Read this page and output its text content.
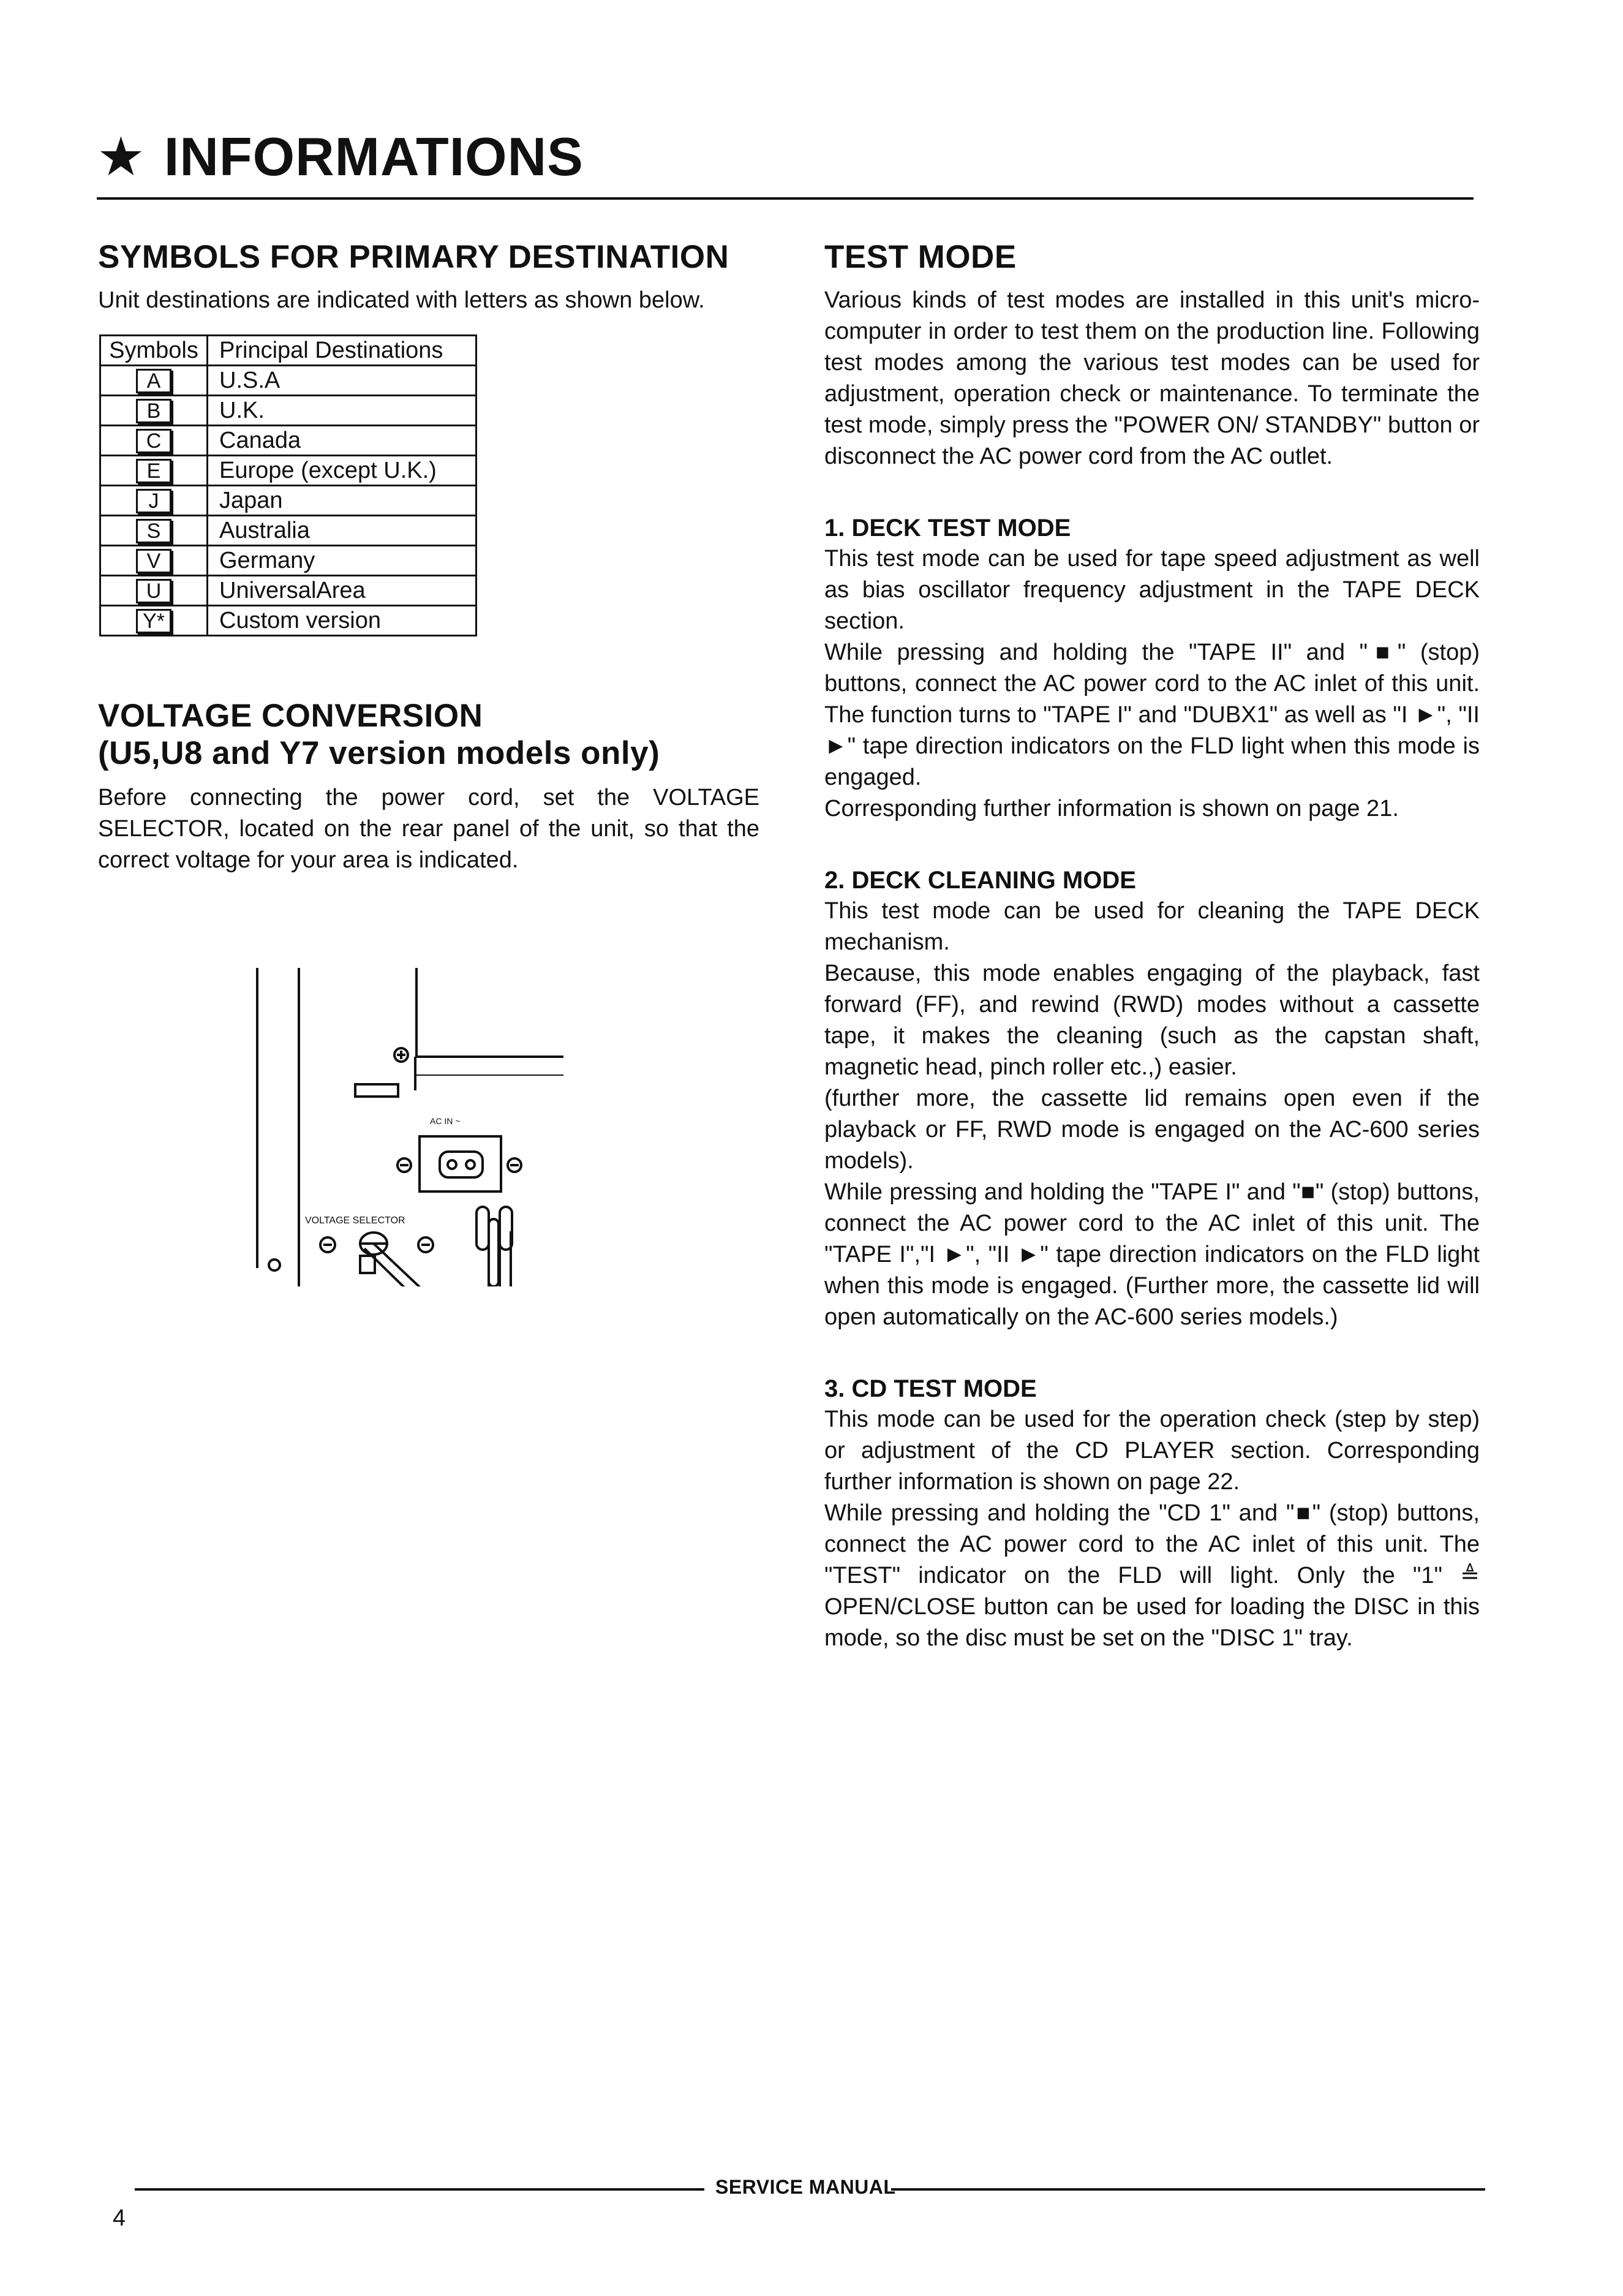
★ INFORMATIONS
SYMBOLS FOR PRIMARY DESTINATION

Unit destinations are indicated with letters as shown below.

Symbols	Principal Destinations
A	U.S.A
B	U.K.
C	Canada
E	Europe (except U.K.)
J	Japan
S	Australia
V	Germany
U	UniversalArea
Y*	Custom version
VOLTAGE CONVERSION
(U5,U8 and Y7 version models only)

Before connecting the power cord, set the VOLTAGE SELECTOR, located on the rear panel of the unit, so that the correct voltage for your area is indicated.

AC IN ~
VOLTAGE SELECTOR
TEST MODE

Various kinds of test modes are installed in this unit's micro-computer in order to test them on the production line. Following test modes among the various test modes can be used for adjustment, operation check or maintenance. To terminate the test mode, simply press the "POWER ON/ STANDBY" button or disconnect the AC power cord from the AC outlet.

1. DECK TEST MODE

This test mode can be used for tape speed adjustment as well as bias oscillator frequency adjustment in the TAPE DECK section.

While pressing and holding the "TAPE II" and "■" (stop) buttons, connect the AC power cord to the AC inlet of this unit. The function turns to "TAPE I" and "DUBX1" as well as "I ►", "II ►" tape direction indicators on the FLD light when this mode is engaged.

Corresponding further information is shown on page 21.

2. DECK CLEANING MODE

This test mode can be used for cleaning the TAPE DECK mechanism.

Because, this mode enables engaging of the playback, fast forward (FF), and rewind (RWD) modes without a cassette tape, it makes the cleaning (such as the capstan shaft, magnetic head, pinch roller etc.,) easier.

(further more, the cassette lid remains open even if the playback or FF, RWD mode is engaged on the AC-600 series models).

While pressing and holding the "TAPE I" and "■" (stop) buttons, connect the AC power cord to the AC inlet of this unit. The "TAPE I","I ►", "II ►" tape direction indicators on the FLD light when this mode is engaged. (Further more, the cassette lid will open automatically on the AC-600 series models.)

3. CD TEST MODE

This mode can be used for the operation check (step by step) or adjustment of the CD PLAYER section. Corresponding further information is shown on page 22.

While pressing and holding the "CD 1" and "■" (stop) buttons, connect the AC power cord to the AC inlet of this unit. The "TEST" indicator on the FLD will light. Only the "1" ≜ OPEN/CLOSE button can be used for loading the DISC in this mode, so the disc must be set on the "DISC 1" tray.

SERVICE MANUAL
4
